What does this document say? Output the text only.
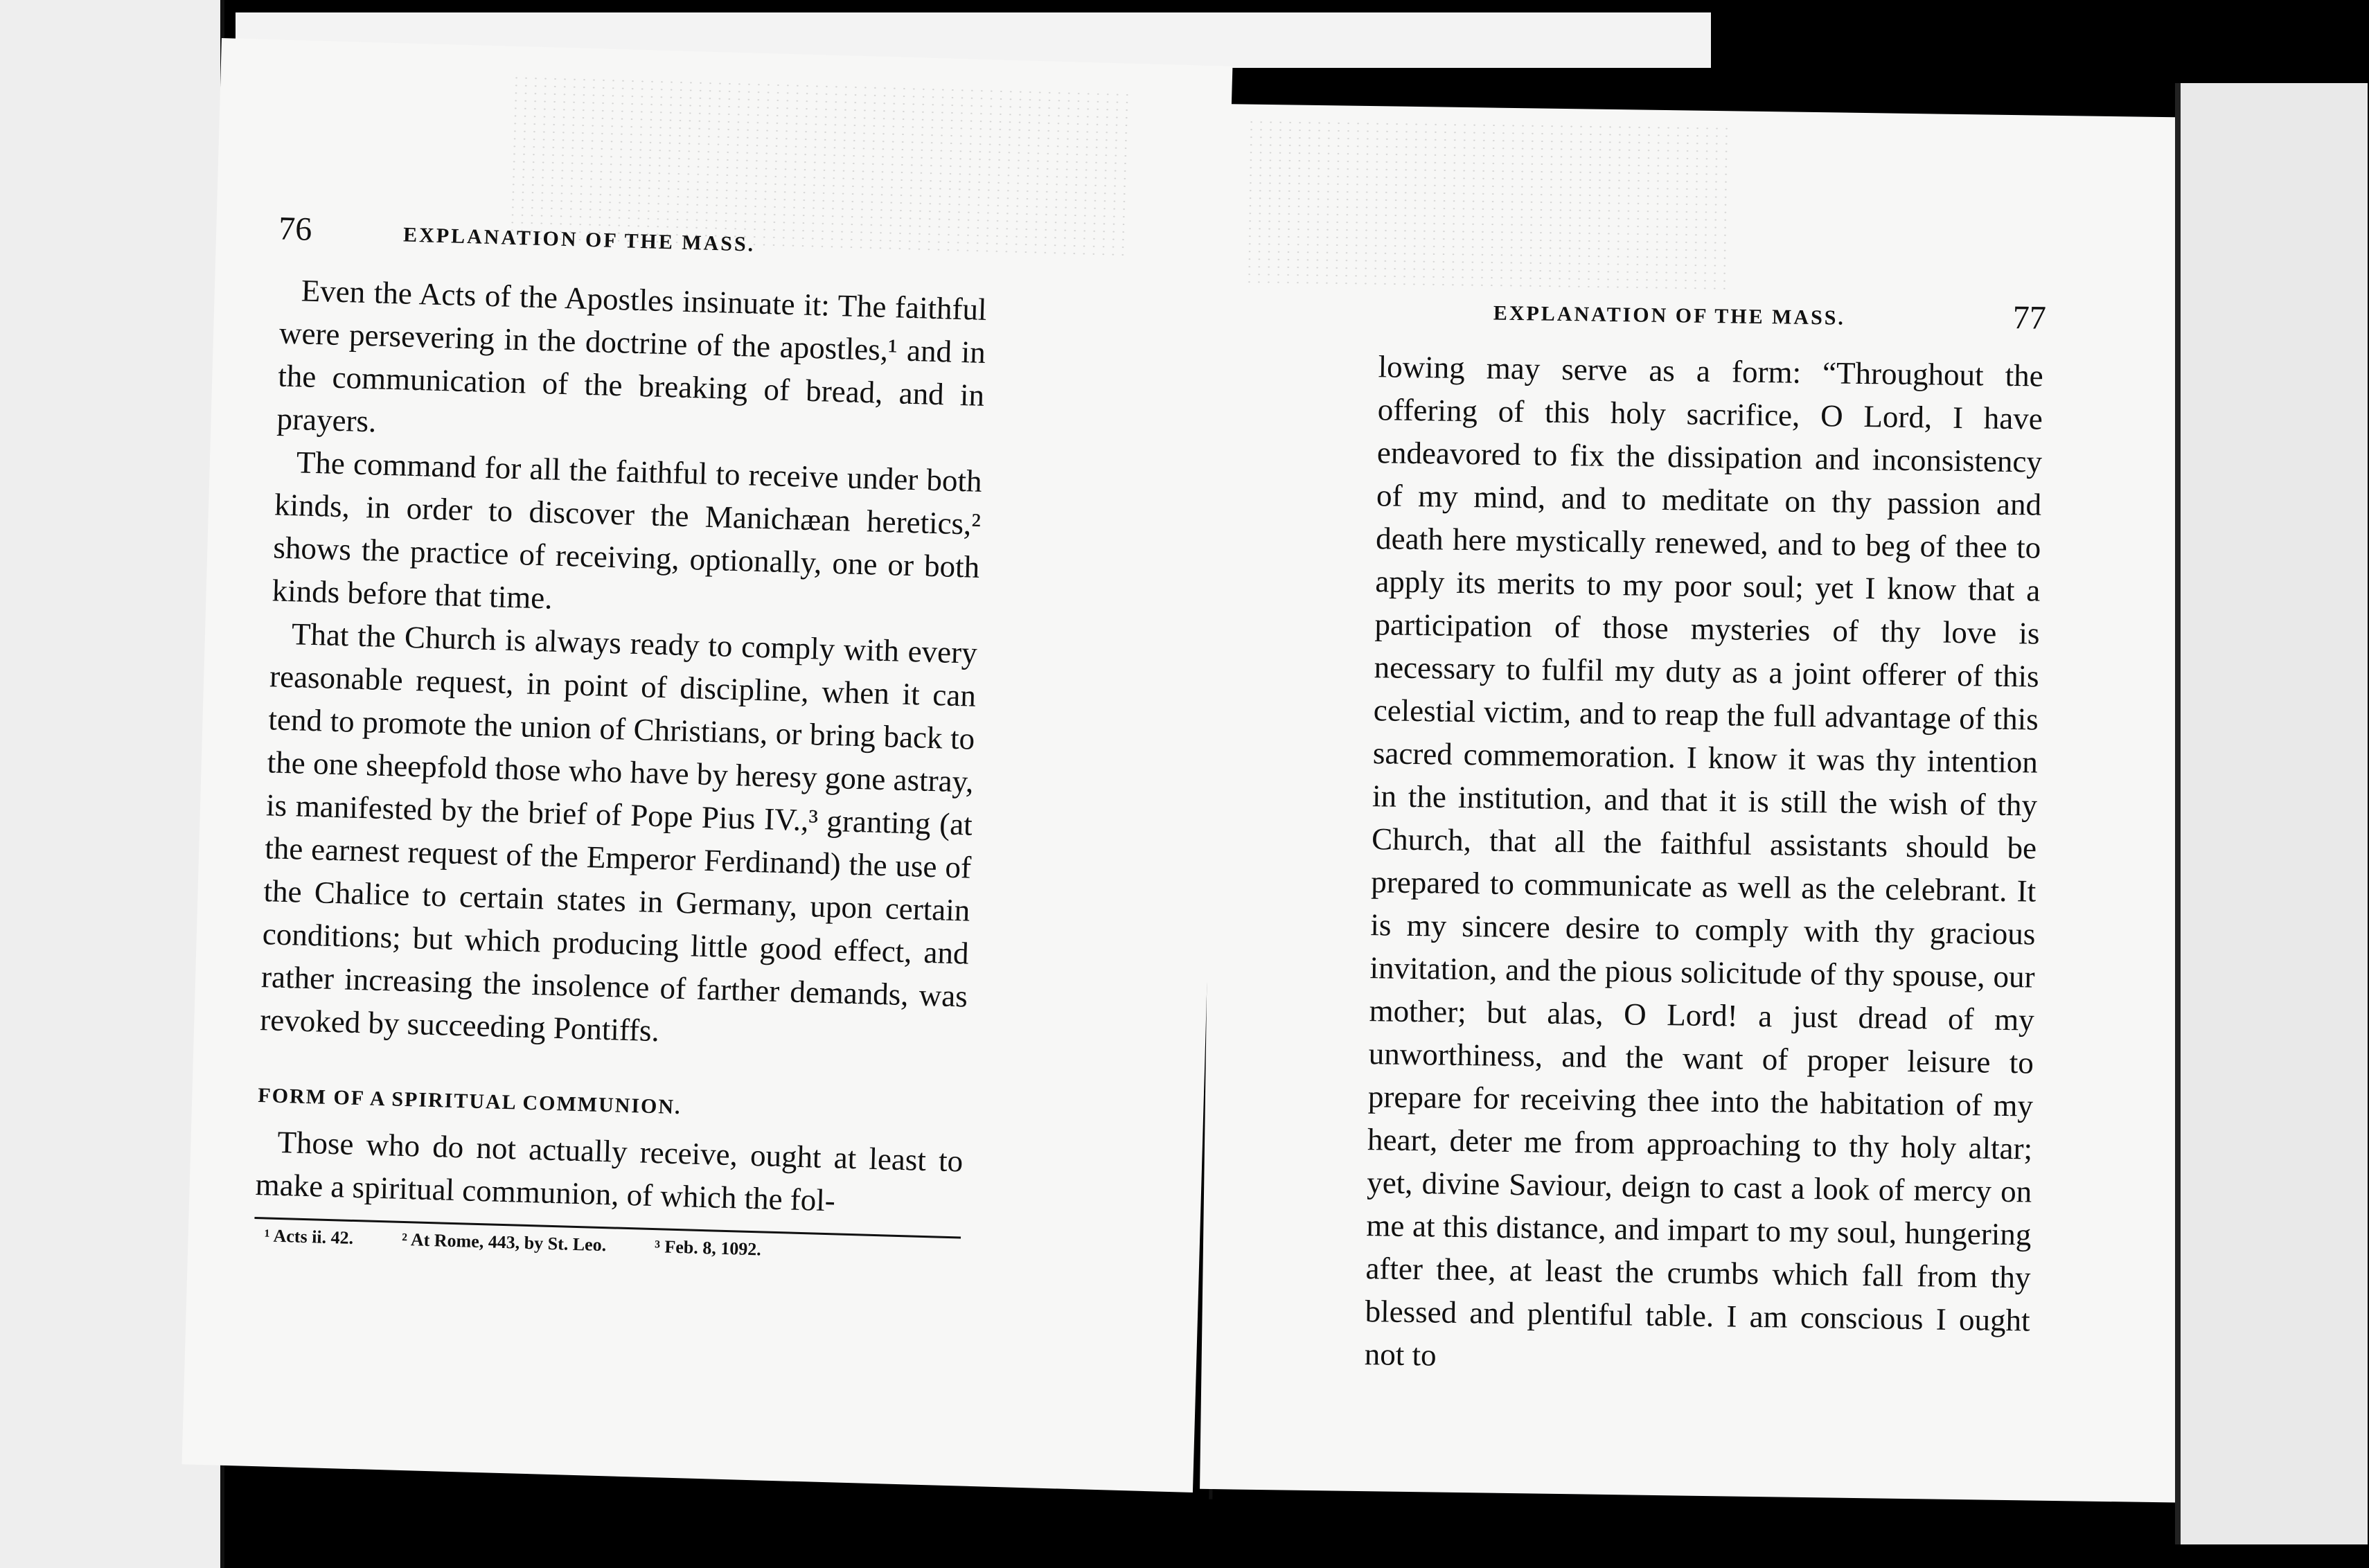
76	EXPLANATION OF THE MASS.

Even the Acts of the Apostles insinuate it: The faithful were persevering in the doctrine of the apostles,¹ and in the communication of the breaking of bread, and in prayers.

The command for all the faithful to receive under both kinds, in order to discover the Manichæan heretics,² shows the practice of receiving, optionally, one or both kinds before that time.

That the Church is always ready to comply with every reasonable request, in point of discipline, when it can tend to promote the union of Christians, or bring back to the one sheepfold those who have by heresy gone astray, is manifested by the brief of Pope Pius IV.,³ granting (at the earnest request of the Emperor Ferdinand) the use of the Chalice to certain states in Germany, upon certain conditions; but which producing little good effect, and rather increasing the insolence of farther demands, was revoked by succeeding Pontiffs.

FORM OF A SPIRITUAL COMMUNION.

Those who do not actually receive, ought at least to make a spiritual communion, of which the fol-

¹ Acts ii. 42.	² At Rome, 443, by St. Leo.	³ Feb. 8, 1092.
EXPLANATION OF THE MASS.	77

lowing may serve as a form: “Throughout the offering of this holy sacrifice, O Lord, I have endeavored to fix the dissipation and inconsistency of my mind, and to meditate on thy passion and death here mystically renewed, and to beg of thee to apply its merits to my poor soul; yet I know that a participation of those mysteries of thy love is necessary to fulfil my duty as a joint offerer of this celestial victim, and to reap the full advantage of this sacred commemoration. I know it was thy intention in the institution, and that it is still the wish of thy Church, that all the faithful assistants should be prepared to communicate as well as the celebrant. It is my sincere desire to comply with thy gracious invitation, and the pious solicitude of thy spouse, our mother; but alas, O Lord! a just dread of my unworthiness, and the want of proper leisure to prepare for receiving thee into the habitation of my heart, deter me from approaching to thy holy altar; yet, divine Saviour, deign to cast a look of mercy on me at this distance, and impart to my soul, hungering after thee, at least the crumbs which fall from thy blessed and plentiful table. I am conscious I ought not to
